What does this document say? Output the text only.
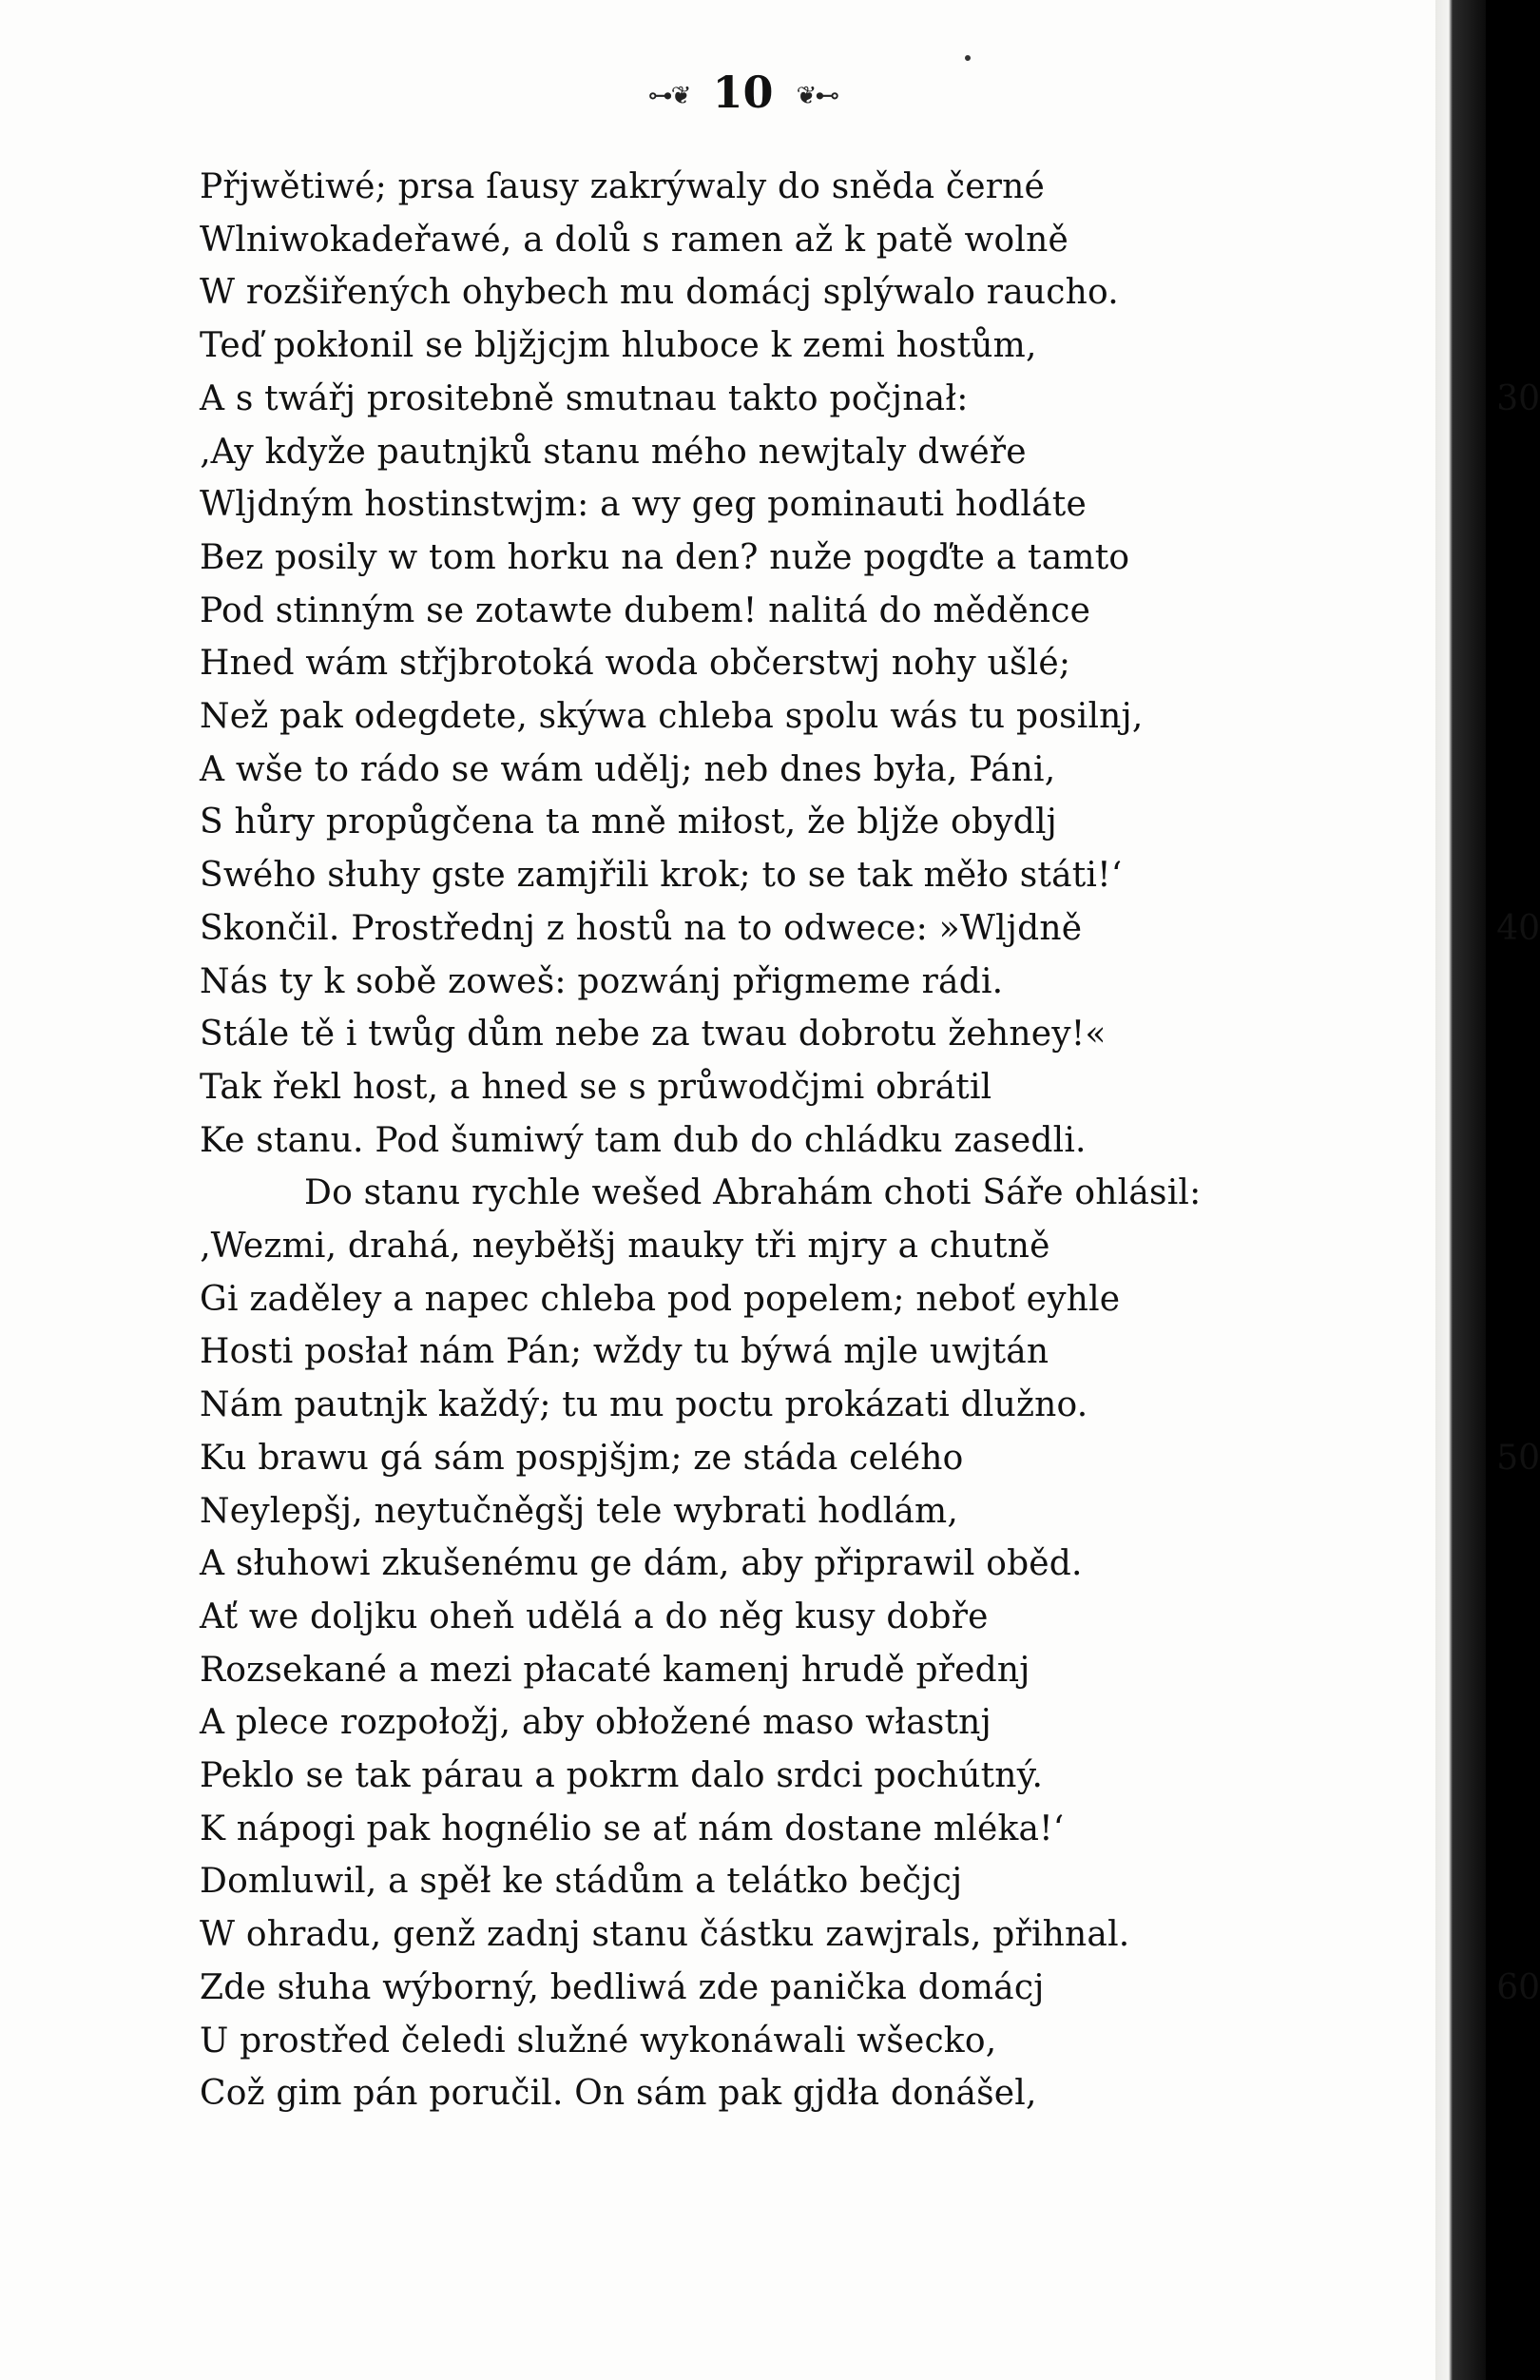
⊶❦ 10 ❦⊷
Přjwětiwé; prsa ſausy zakrýwaly do sněda černé
Wlniwokadeřawé, a dolů s ramen až k patě wolně
W rozšiřených ohybech mu domácj splýwalo raucho.
Teď pokłonil se bljžjcjm hluboce k zemi hostům,
A s twářj prositebně smutnau takto počjnał:
‚Ay kdyže pautnjků stanu mého newjtaly dwéře
Wljdným hostinstwjm: a wy geg pominauti hodláte
Bez posily w tom horku na den? nuže pogďte a tamto
Pod stinným se zotawte dubem! nalitá do měděnce
Hned wám střjbrotoká woda občerstwj nohy ušlé;
Než pak odegdete, skýwa chleba spolu wás tu posilnj,
A wše to rádo se wám udělj; neb dnes była, Páni,
S hůry propůgčena ta mně miłost, že bljže obydlj
Swého słuhy gste zamjřili krok; to se tak měło státi!‘
Skončil. Prostřednj z hostů na to odwece: »Wljdně
Nás ty k sobě zoweš: pozwánj přigmeme rádi.
Stále tě i twůg dům nebe za twau dobrotu žehney!«
Tak řekl host, a hned se s průwodčjmi obrátil
Ke stanu. Pod šumiwý tam dub do chládku zasedli.
Do stanu rychle wešed Abrahám choti Sáře ohlásil:
‚Wezmi, drahá, neyběłšj mauky tři mjry a chutně
Gi zaděley a napec chleba pod popelem; neboť eyhle
Hosti posłał nám Pán; wždy tu býwá mjle uwjtán
Nám pautnjk každý; tu mu poctu prokázati dlužno.
Ku brawu gá sám pospjšjm; ze stáda celého
Neylepšj, neytučněgšj tele wybrati hodlám,
A słuhowi zkušenému ge dám, aby připrawil oběd.
Ať we doljku oheň udělá a do něg kusy dobře
Rozsekané a mezi płacaté kamenj hrudě přednj
A plece rozpołožj, aby obłožené maso włastnj
Peklo se tak párau a pokrm dalo srdci pochútný.
K nápogi pak hognélio se ať nám dostane mléka!‘
Domluwil, a spěł ke stádům a telátko bečjcj
W ohradu, genž zadnj stanu částku zawjrals, přihnal.
Zde słuha wýborný, bedliwá zde panička domácj
U prostřed čeledi služné wykonáwali wšecko,
Což gim pán poručil. On sám pak gjdła donášel,
30
40
50
60
